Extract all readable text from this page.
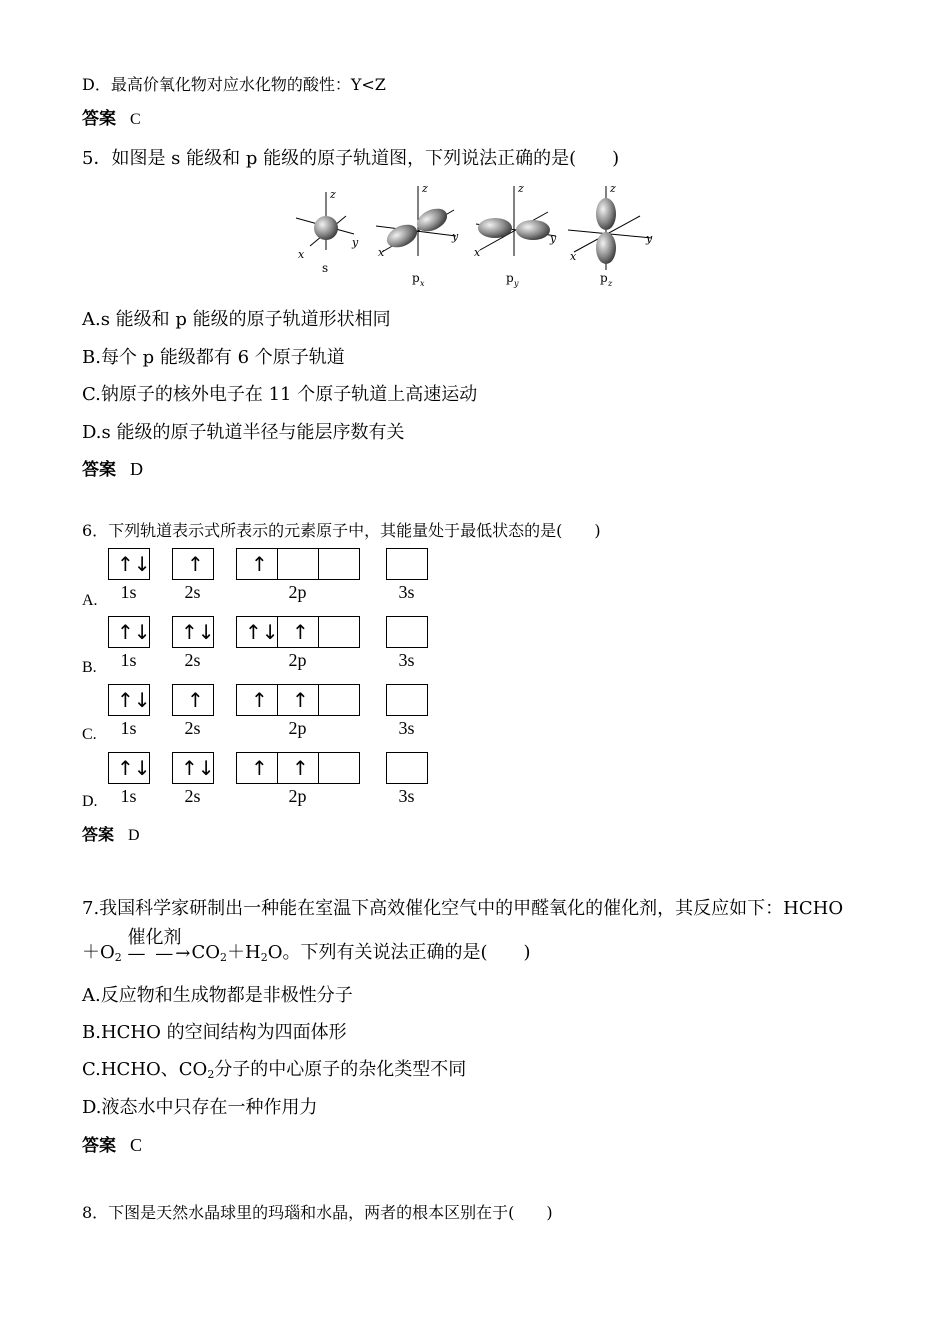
D．最高价氧化物对应水化物的酸性：Y<Z
答案 C
5．如图是 s 能级和 p 能级的原子轨道图，下列说法正确的是(　　)
z
y
x
s
z
y
x
p x
z
y
x
p y
z
y
x
p z
A.s 能级和 p 能级的原子轨道形状相同
B.每个 p 能级都有 6 个原子轨道
C.钠原子的核外电子在 11 个原子轨道上高速运动
D.s 能级的原子轨道半径与能层序数有关
答案 D
6．下列轨道表示式所表示的元素原子中，其能量处于最低状态的是(　　)
A.
↑↓
1s
↑
2s
↑
2p	3s
B.
↑↓
1s
↑↓
2s
↑↓ ↑
2p	3s
C.
↑↓
1s
↑
2s
↑ ↑
2p	3s
D.
↑↓
1s
↑↓
2s
↑ ↑
2p	3s
答案 D
7.我国科学家研制出一种能在室温下高效催化空气中的甲醛氧化的催化剂，其反应如下：HCHO
$+O_2$
催化剂
— —→ $CO_2+H_2O$。下列有关说法正确的是(　　)
A.反应物和生成物都是非极性分子
B.HCHO 的空间结构为四面体形
C.HCHO、$CO_2$分子的中心原子的杂化类型不同
D.液态水中只存在一种作用力
答案 C
8．下图是天然水晶球里的玛瑙和水晶，两者的根本区别在于(　　)
